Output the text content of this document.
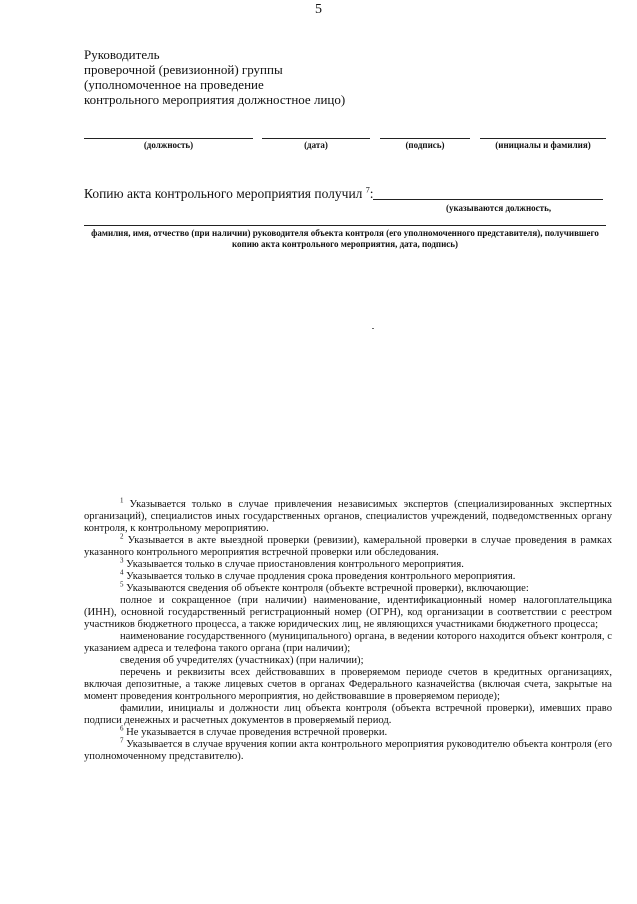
5
Руководитель
проверочной (ревизионной) группы
(уполномоченное на проведение
контрольного мероприятия должностное лицо)
(должность)	(дата)	(подпись)	(инициалы и фамилия)
Копию акта контрольного мероприятия получил $^7$:
(указываются должность,
фамилия, имя, отчество (при наличии) руководителя объекта контроля (его уполномоченного представителя), получившего копию акта контрольного мероприятия, дата, подпись)

$^1$ Указывается только в случае привлечения независимых экспертов (специализированных экспертных организаций), специалистов иных государственных органов, специалистов учреждений, подведомственных органу контроля, к контрольному мероприятию.

$^2$ Указывается в акте выездной проверки (ревизии), камеральной проверки в случае проведения в рамках указанного контрольного мероприятия встречной проверки или обследования.

$^3$ Указывается только в случае приостановления контрольного мероприятия.

$^4$ Указывается только в случае продления срока проведения контрольного мероприятия.

$^5$ Указываются сведения об объекте контроля (объекте встречной проверки), включающие:

полное и сокращенное (при наличии) наименование, идентификационный номер налогоплательщика (ИНН), основной государственный регистрационный номер (ОГРН), код организации в соответствии с реестром участников бюджетного процесса, а также юридических лиц, не являющихся участниками бюджетного процесса;

наименование государственного (муниципального) органа, в ведении которого находится объект контроля, с указанием адреса и телефона такого органа (при наличии);

сведения об учредителях (участниках) (при наличии);

перечень и реквизиты всех действовавших в проверяемом периоде счетов в кредитных организациях, включая депозитные, а также лицевых счетов в органах Федерального казначейства (включая счета, закрытые на момент проведения контрольного мероприятия, но действовавшие в проверяемом периоде);

фамилии, инициалы и должности лиц объекта контроля (объекта встречной проверки), имевших право подписи денежных и расчетных документов в проверяемый период.

$^6$ Не указывается в случае проведения встречной проверки.

$^7$ Указывается в случае вручения копии акта контрольного мероприятия руководителю объекта контроля (его уполномоченному представителю).
